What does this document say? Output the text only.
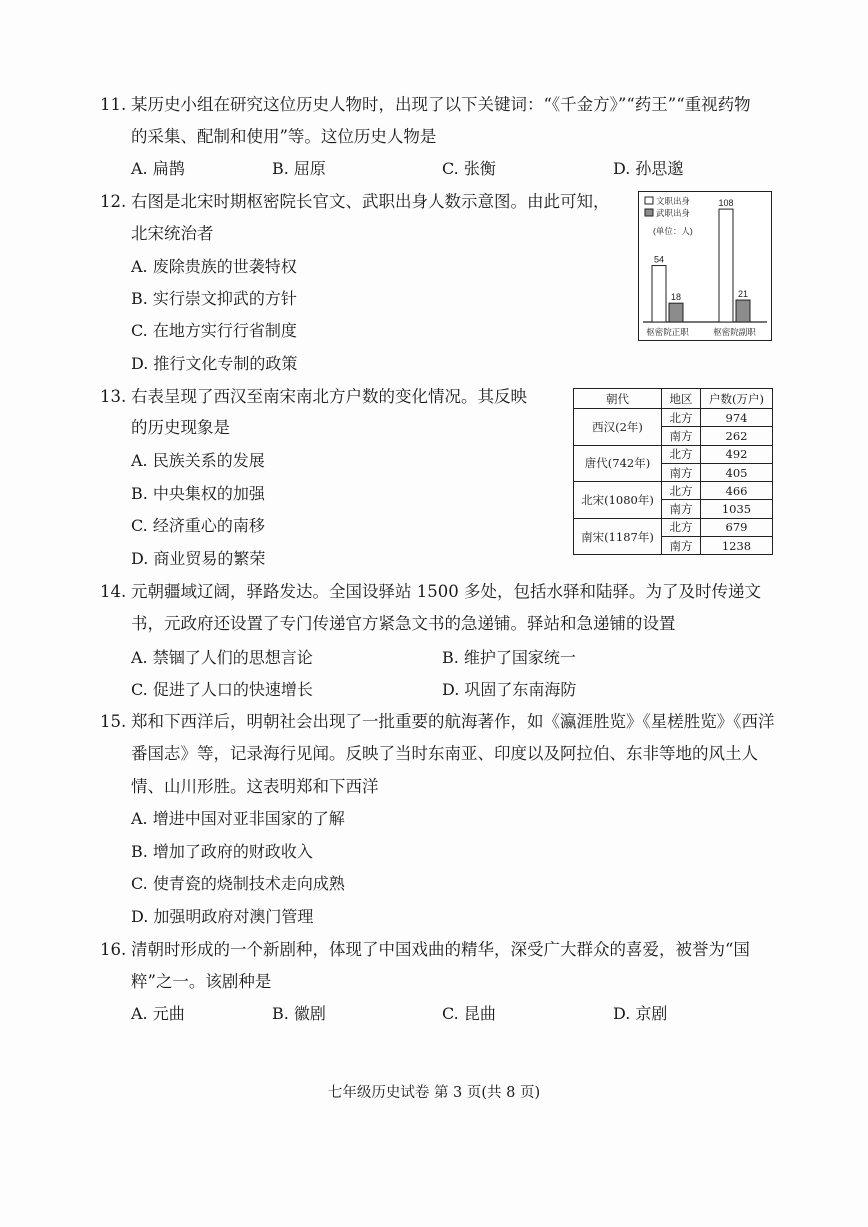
11. 某历史小组在研究这位历史人物时，出现了以下关键词：“《千金方》”“药王”“重视药物
的采集、配制和使用”等。这位历史人物是
A. 扁鹊	B. 屈原	C. 张衡	D. 孙思邈
12. 右图是北宋时期枢密院长官文、武职出身人数示意图。由此可知，
北宋统治者
A. 废除贵族的世袭特权
B. 实行崇文抑武的方针
C. 在地方实行行省制度
D. 推行文化专制的政策
文职出身
武职出身
(单位：人)
54
18
枢密院正职
108
21
枢密院副职
13. 右表呈现了西汉至南宋南北方户数的变化情况。其反映
的历史现象是
A. 民族关系的发展
B. 中央集权的加强
C. 经济重心的南移
D. 商业贸易的繁荣
朝代	地区	户数(万户)
西汉(2年)	北方	974
	南方	262
唐代(742年)	北方	492
	南方	405
北宋(1080年)	北方	466
	南方	1035
南宋(1187年)	北方	679
	南方	1238
14. 元朝疆域辽阔，驿路发达。全国设驿站 1500 多处，包括水驿和陆驿。为了及时传递文
书，元政府还设置了专门传递官方紧急文书的急递铺。驿站和急递铺的设置
A. 禁锢了人们的思想言论	B. 维护了国家统一
C. 促进了人口的快速增长	D. 巩固了东南海防
15. 郑和下西洋后，明朝社会出现了一批重要的航海著作，如《瀛涯胜览》《星槎胜览》《西洋
番国志》等，记录海行见闻。反映了当时东南亚、印度以及阿拉伯、东非等地的风土人
情、山川形胜。这表明郑和下西洋
A. 增进中国对亚非国家的了解
B. 增加了政府的财政收入
C. 使青瓷的烧制技术走向成熟
D. 加强明政府对澳门管理
16. 清朝时形成的一个新剧种，体现了中国戏曲的精华，深受广大群众的喜爱，被誉为“国
粹”之一。该剧种是
A. 元曲	B. 徽剧	C. 昆曲	D. 京剧
七年级历史试卷 第 3 页(共 8 页)
